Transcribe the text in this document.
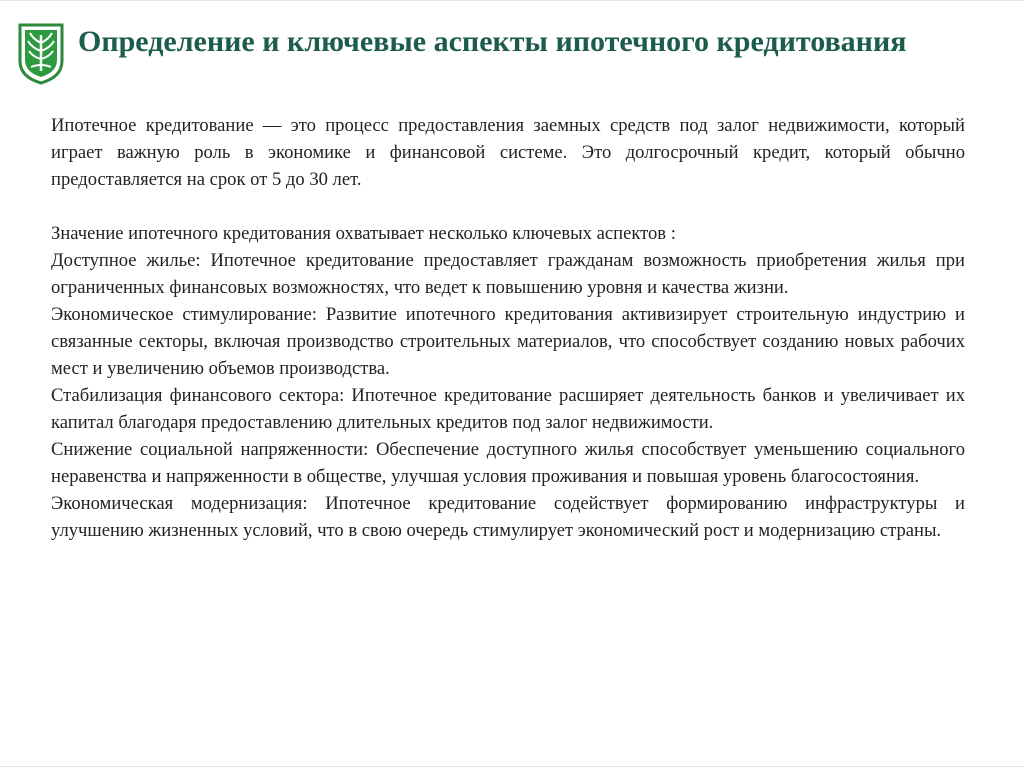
Определение и ключевые аспекты ипотечного кредитования

Ипотечное кредитование — это процесс предоставления заемных средств под залог недвижимости, который играет важную роль в экономике и финансовой системе. Это долгосрочный кредит, который обычно предоставляется на срок от 5 до 30 лет.

Значение ипотечного кредитования охватывает несколько ключевых аспектов :

Доступное жилье: Ипотечное кредитование предоставляет гражданам возможность приобретения жилья при ограниченных финансовых возможностях, что ведет к повышению уровня и качества жизни.

Экономическое стимулирование: Развитие ипотечного кредитования активизирует строительную индустрию и связанные секторы, включая производство строительных материалов, что способствует созданию новых рабочих мест и увеличению объемов производства.

Стабилизация финансового сектора: Ипотечное кредитование расширяет деятельность банков и увеличивает их капитал благодаря предоставлению длительных кредитов под залог недвижимости.

Снижение социальной напряженности: Обеспечение доступного жилья способствует уменьшению социального неравенства и напряженности в обществе, улучшая условия проживания и повышая уровень благосостояния.

Экономическая модернизация: Ипотечное кредитование содействует формированию инфраструктуры и улучшению жизненных условий, что в свою очередь стимулирует экономический рост и модернизацию страны.
